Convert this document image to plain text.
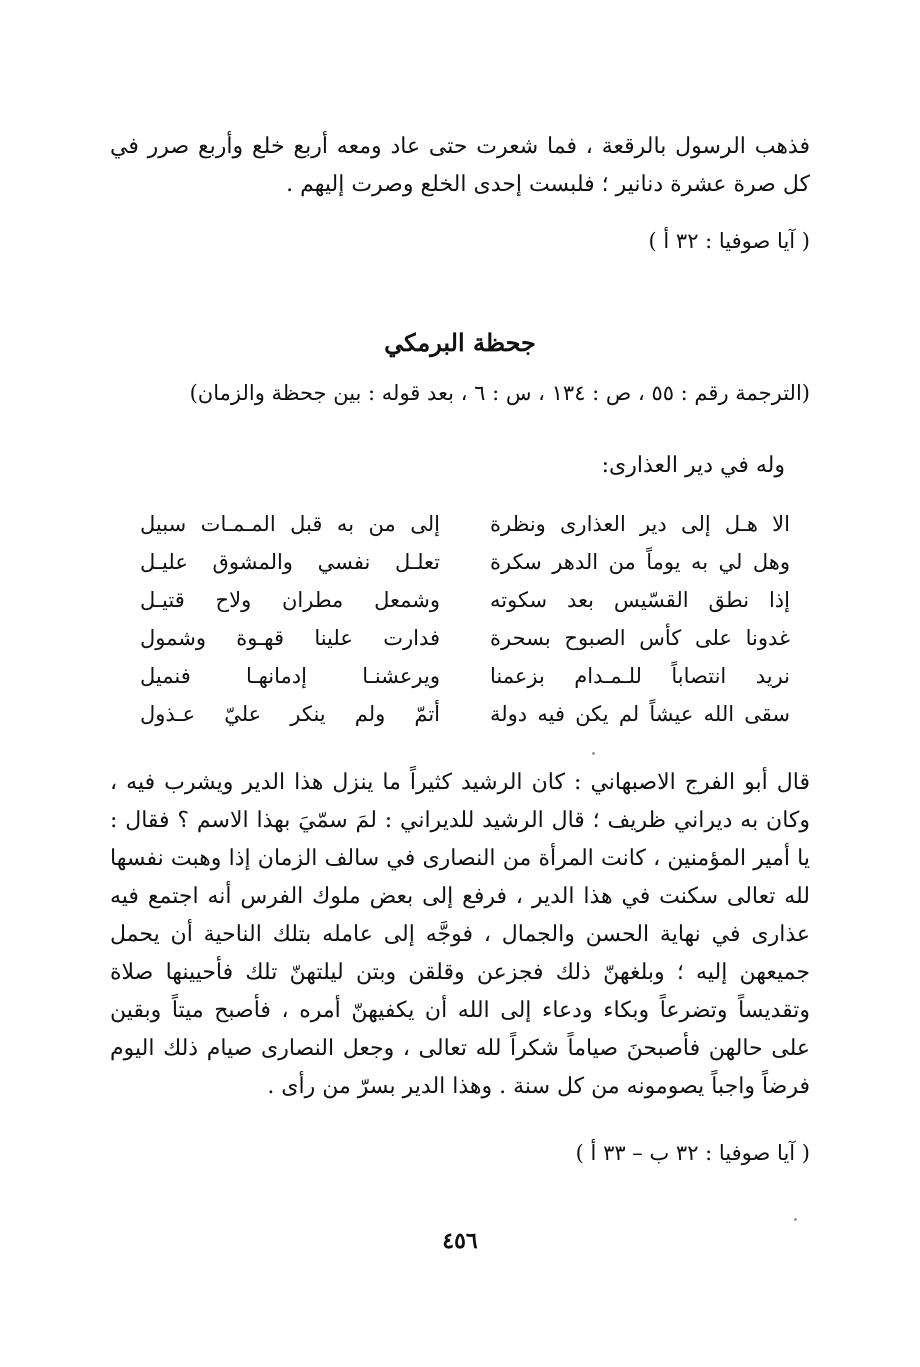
فذهب الرسول بالرقعة ، فما شعرت حتى عاد ومعه أربع خلع وأربع صرر في كل صرة عشرة دنانير ؛ فلبست إحدى الخلع وصرت إليهم .

( آيا صوفيا : ٣٢ أ )
جحظة البرمكي
(الترجمة رقم : ٥٥ ، ص : ١٣٤ ، س : ٦ ، بعد قوله : بين جحظة والزمان)
وله في دير العذارى:
الا هـل إلى دير العذارى ونظرة
إلى من به قبل المـمـات سبيل
وهل لي به يوماً من الدهر سكرة
تعلـل نفسي والمشوق عليـل
إذا نطق القسّيس بعد سكوته
وشمعل مطران ولاح قتيـل
غدونا على كأس الصبوح بسحرة
فدارت علينا قهـوة وشمول
نريد انتصاباً للـمـدام بزعمنا
ويرعشنـا إدمانهـا فنميل
سقى الله عيشاً لم يكن فيه دولة
أتمّ ولم ينكر عليّ عـذول

قال أبو الفرج الاصبهاني : كان الرشيد كثيراً ما ينزل هذا الدير ويشرب فيه ، وكان به ديراني ظريف ؛ قال الرشيد للديراني : لمَ سمّيَ بهذا الاسم ؟ فقال : يا أمير المؤمنين ، كانت المرأة من النصارى في سالف الزمان إذا وهبت نفسها لله تعالى سكنت في هذا الدير ، فرفع إلى بعض ملوك الفرس أنه اجتمع فيه عذارى في نهاية الحسن والجمال ، فوجَّه إلى عامله بتلك الناحية أن يحمل جميعهن إليه ؛ وبلغهنّ ذلك فجزعن وقلقن وبتن ليلتهنّ تلك فأحيينها صلاة وتقديساً وتضرعاً وبكاء ودعاء إلى الله أن يكفيهنّ أمره ، فأصبح ميتاً وبقين على حالهن فأصبحنَ صياماً شكراً لله تعالى ، وجعل النصارى صيام ذلك اليوم فرضاً واجباً يصومونه من كل سنة . وهذا الدير بسرّ من رأى .

( آيا صوفيا : ٣٢ ب – ٣٣ أ )
٤٥٦
